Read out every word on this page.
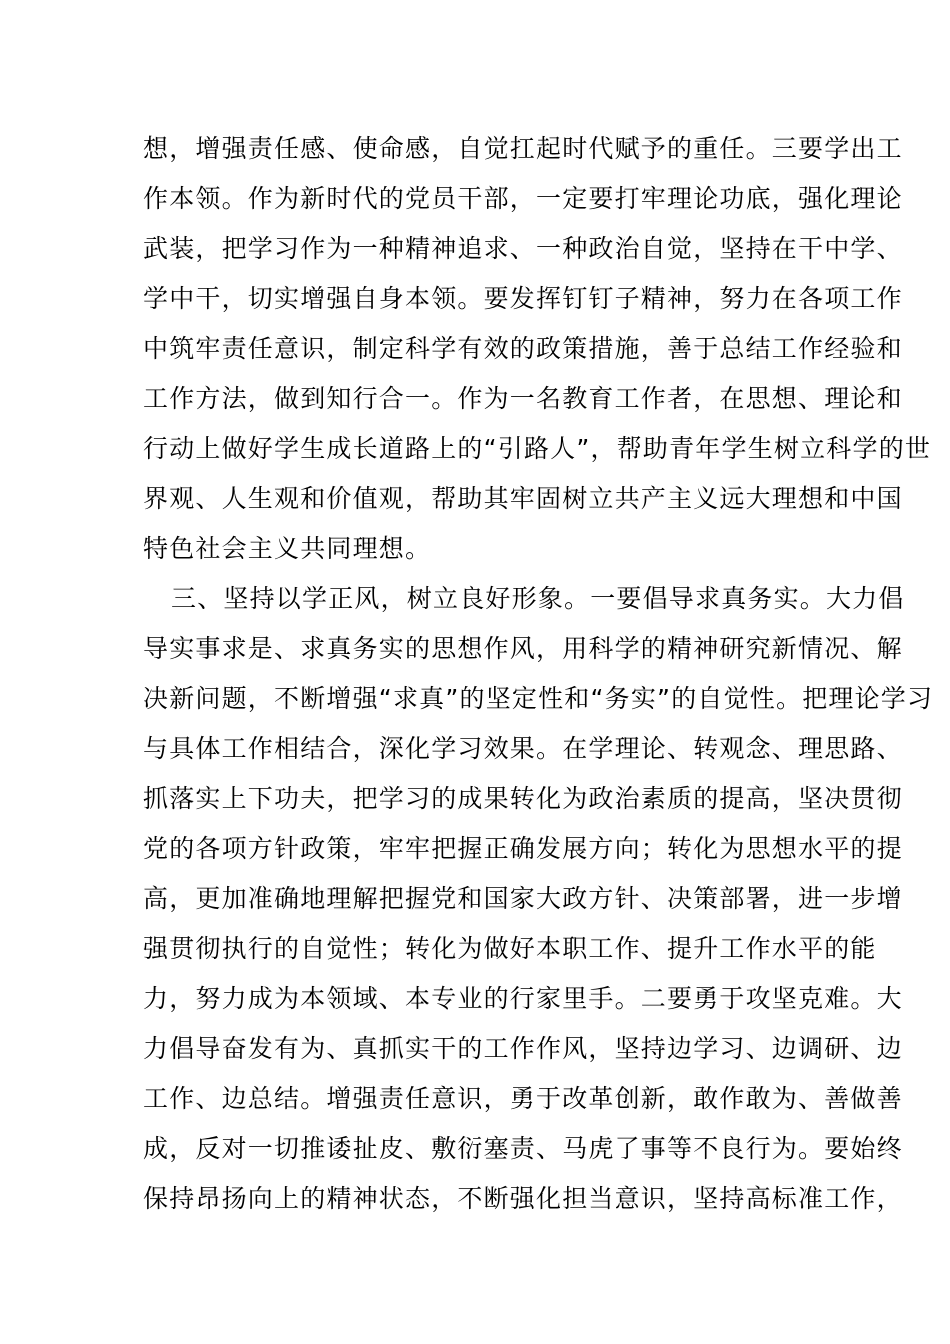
想，增强责任感、使命感，自觉扛起时代赋予的重任。三要学出工
作本领。作为新时代的党员干部，一定要打牢理论功底，强化理论
武装，把学习作为一种精神追求、一种政治自觉，坚持在干中学、
学中干，切实增强自身本领。要发挥钉钉子精神，努力在各项工作
中筑牢责任意识，制定科学有效的政策措施，善于总结工作经验和
工作方法，做到知行合一。作为一名教育工作者，在思想、理论和
行动上做好学生成长道路上的“引路人”，帮助青年学生树立科学的世
界观、人生观和价值观，帮助其牢固树立共产主义远大理想和中国
特色社会主义共同理想。
三、坚持以学正风，树立良好形象。一要倡导求真务实。大力倡
导实事求是、求真务实的思想作风，用科学的精神研究新情况、解
决新问题，不断增强“求真”的坚定性和“务实”的自觉性。把理论学习
与具体工作相结合，深化学习效果。在学理论、转观念、理思路、
抓落实上下功夫，把学习的成果转化为政治素质的提高，坚决贯彻
党的各项方针政策，牢牢把握正确发展方向；转化为思想水平的提
高，更加准确地理解把握党和国家大政方针、决策部署，进一步增
强贯彻执行的自觉性；转化为做好本职工作、提升工作水平的能
力，努力成为本领域、本专业的行家里手。二要勇于攻坚克难。大
力倡导奋发有为、真抓实干的工作作风，坚持边学习、边调研、边
工作、边总结。增强责任意识，勇于改革创新，敢作敢为、善做善
成，反对一切推诿扯皮、敷衍塞责、马虎了事等不良行为。要始终
保持昂扬向上的精神状态，不断强化担当意识，坚持高标准工作，
